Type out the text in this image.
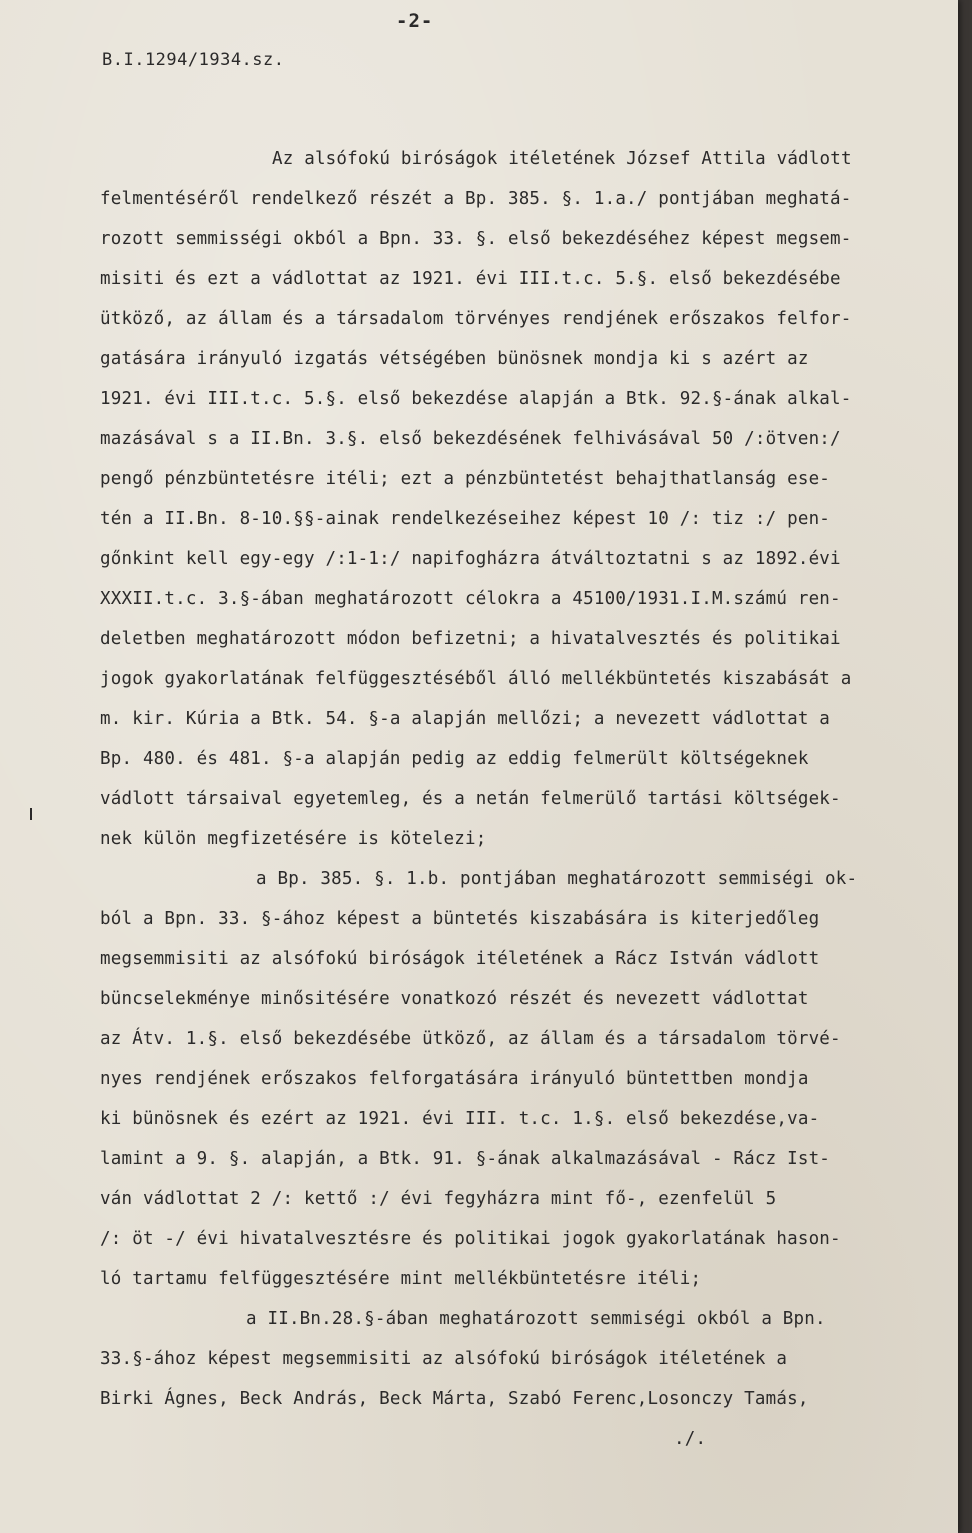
-2-
B.I.1294/1934.sz.
Az alsófokú biróságok itéletének József Attila vádlott
felmentéséről rendelkező részét a Bp. 385. §. 1.a./ pontjában meghatá-
rozott semmisségi okból a Bpn. 33. §. első bekezdéséhez képest megsem-
misiti és ezt a vádlottat az 1921. évi III.t.c. 5.§. első bekezdésébe
ütköző, az állam és a társadalom törvényes rendjének erőszakos felfor-
gatására irányuló izgatás vétségében bünösnek mondja ki s azért az
1921. évi III.t.c. 5.§. első bekezdése alapján a Btk. 92.§-ának alkal-
mazásával s a II.Bn. 3.§. első bekezdésének felhivásával 50 /:ötven:/
pengő pénzbüntetésre itéli; ezt a pénzbüntetést behajthatlanság ese-
tén a II.Bn. 8-10.§§-ainak rendelkezéseihez képest 10 /: tiz :/ pen-
gőnkint kell egy-egy /:1-1:/ napifogházra átváltoztatni s az 1892.évi
XXXII.t.c. 3.§-ában meghatározott célokra a 45100/1931.I.M.számú ren-
deletben meghatározott módon befizetni; a hivatalvesztés és politikai
jogok gyakorlatának felfüggesztéséből álló mellékbüntetés kiszabását a
m. kir. Kúria a Btk. 54. §-a alapján mellőzi; a nevezett vádlottat a
Bp. 480. és 481. §-a alapján pedig az eddig felmerült költségeknek
vádlott társaival egyetemleg, és a netán felmerülő tartási költségek-
nek külön megfizetésére is kötelezi;
a Bp. 385. §. 1.b. pontjában meghatározott semmiségi ok-
ból a Bpn. 33. §-ához képest a büntetés kiszabására is kiterjedőleg
megsemmisiti az alsófokú biróságok itéletének a Rácz István vádlott
büncselekménye minősitésére vonatkozó részét és nevezett vádlottat
az Átv. 1.§. első bekezdésébe ütköző, az állam és a társadalom törvé-
nyes rendjének erőszakos felforgatására irányuló büntettben mondja
ki bünösnek és ezért az 1921. évi III. t.c. 1.§. első bekezdése,va-
lamint a 9. §. alapján, a Btk. 91. §-ának alkalmazásával - Rácz Ist-
ván vádlottat 2 /: kettő :/ évi fegyházra mint fő-, ezenfelül 5
/: öt -/ évi hivatalvesztésre és politikai jogok gyakorlatának hason-
ló tartamu felfüggesztésére mint mellékbüntetésre itéli;
a II.Bn.28.§-ában meghatározott semmiségi okból a Bpn.
33.§-ához képest megsemmisiti az alsófokú biróságok itéletének a
Birki Ágnes, Beck András, Beck Márta, Szabó Ferenc,Losonczy Tamás,
./.
